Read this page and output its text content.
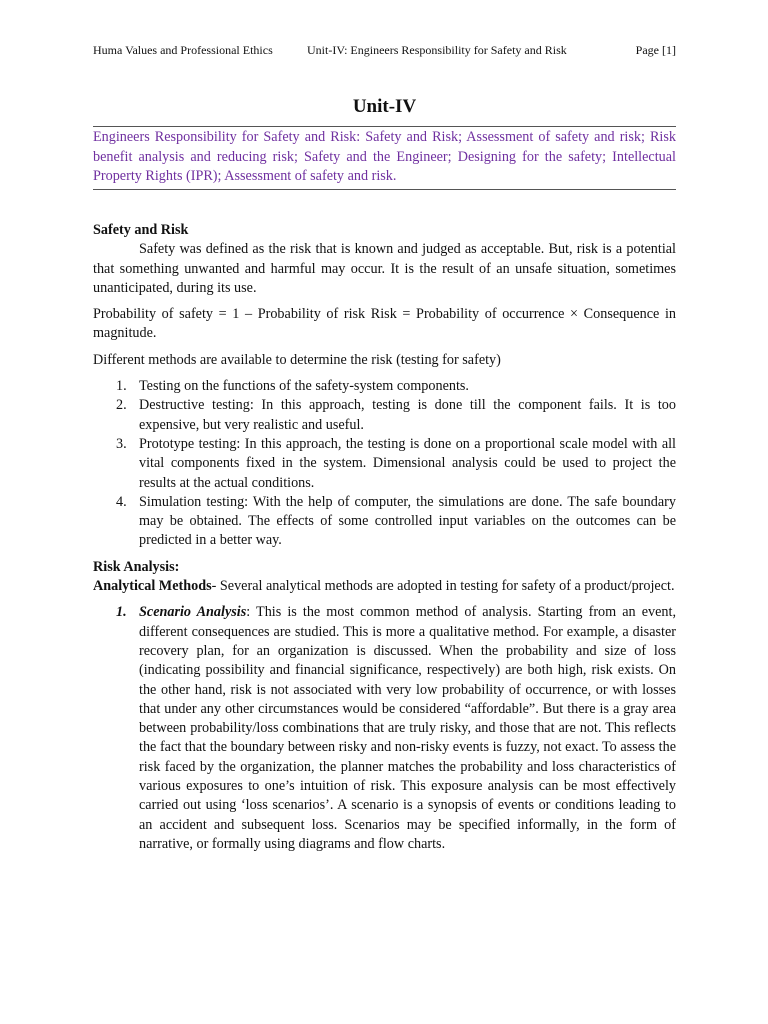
Huma Values and Professional Ethics	Unit-IV: Engineers Responsibility for Safety and Risk	Page [1]
Unit-IV
Engineers Responsibility for Safety and Risk: Safety and Risk; Assessment of safety and risk; Risk benefit analysis and reducing risk; Safety and the Engineer; Designing for the safety; Intellectual Property Rights (IPR); Assessment of safety and risk.

Safety and Risk

Safety was defined as the risk that is known and judged as acceptable. But, risk is a potential that something unwanted and harmful may occur. It is the result of an unsafe situation, sometimes unanticipated, during its use.

Probability of safety = 1 – Probability of risk Risk = Probability of occurrence × Consequence in magnitude.

Different methods are available to determine the risk (testing for safety)

1. Testing on the functions of the safety-system components.
2. Destructive testing: In this approach, testing is done till the component fails. It is too expensive, but very realistic and useful.
3. Prototype testing: In this approach, the testing is done on a proportional scale model with all vital components fixed in the system. Dimensional analysis could be used to project the results at the actual conditions.
4. Simulation testing: With the help of computer, the simulations are done. The safe boundary may be obtained. The effects of some controlled input variables on the outcomes can be predicted in a better way.

Risk Analysis:

Analytical Methods- Several analytical methods are adopted in testing for safety of a product/project.

1. Scenario Analysis: This is the most common method of analysis. Starting from an event, different consequences are studied. This is more a qualitative method. For example, a disaster recovery plan, for an organization is discussed. When the probability and size of loss (indicating possibility and financial significance, respectively) are both high, risk exists. On the other hand, risk is not associated with very low probability of occurrence, or with losses that under any other circumstances would be considered “affordable”. But there is a gray area between probability/loss combinations that are truly risky, and those that are not. This reflects the fact that the boundary between risky and non-risky events is fuzzy, not exact. To assess the risk faced by the organization, the planner matches the probability and loss characteristics of various exposures to one’s intuition of risk. This exposure analysis can be most effectively carried out using ‘loss scenarios’. A scenario is a synopsis of events or conditions leading to an accident and subsequent loss. Scenarios may be specified informally, in the form of narrative, or formally using diagrams and flow charts.
